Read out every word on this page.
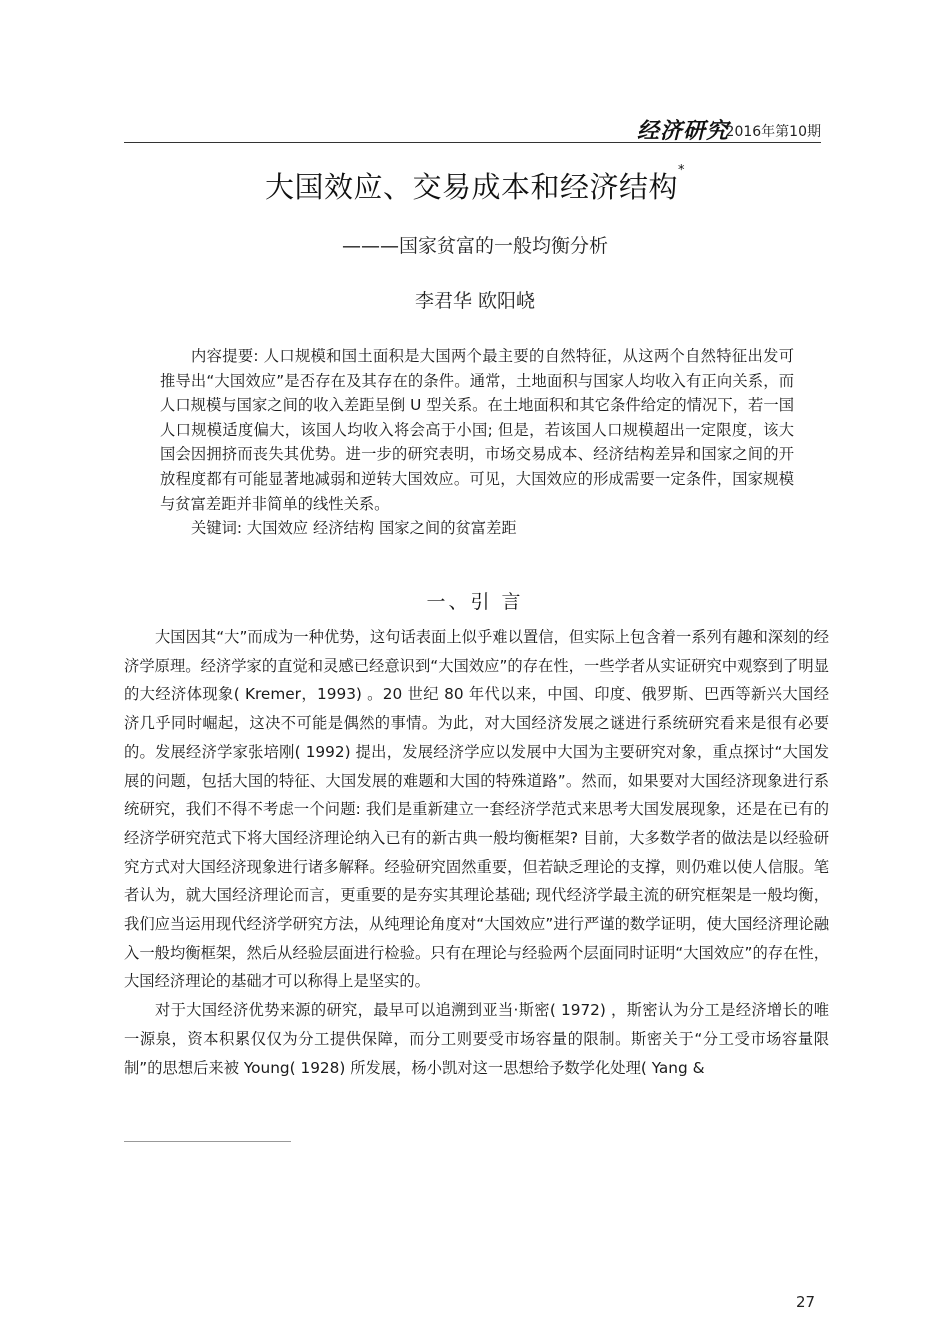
经济研究
2016年第10期
大国效应、交易成本和经济结构*
———国家贫富的一般均衡分析
李君华 欧阳峣

内容提要: 人口规模和国土面积是大国两个最主要的自然特征，从这两个自然特征出发可推导出“大国效应”是否存在及其存在的条件。通常，土地面积与国家人均收入有正向关系，而人口规模与国家之间的收入差距呈倒 U 型关系。在土地面积和其它条件给定的情况下，若一国人口规模适度偏大，该国人均收入将会高于小国; 但是，若该国人口规模超出一定限度，该大国会因拥挤而丧失其优势。进一步的研究表明，市场交易成本、经济结构差异和国家之间的开放程度都有可能显著地减弱和逆转大国效应。可见，大国效应的形成需要一定条件，国家规模与贫富差距并非简单的线性关系。

关键词: 大国效应 经济结构 国家之间的贫富差距

一、引 言

大国因其“大”而成为一种优势，这句话表面上似乎难以置信，但实际上包含着一系列有趣和深刻的经济学原理。经济学家的直觉和灵感已经意识到“大国效应”的存在性，一些学者从实证研究中观察到了明显的大经济体现象( Kremer，1993) 。20 世纪 80 年代以来，中国、印度、俄罗斯、巴西等新兴大国经济几乎同时崛起，这决不可能是偶然的事情。为此，对大国经济发展之谜进行系统研究看来是很有必要的。发展经济学家张培刚( 1992) 提出，发展经济学应以发展中大国为主要研究对象，重点探讨“大国发展的问题，包括大国的特征、大国发展的难题和大国的特殊道路”。然而，如果要对大国经济现象进行系统研究，我们不得不考虑一个问题: 我们是重新建立一套经济学范式来思考大国发展现象，还是在已有的经济学研究范式下将大国经济理论纳入已有的新古典一般均衡框架? 目前，大多数学者的做法是以经验研究方式对大国经济现象进行诸多解释。经验研究固然重要，但若缺乏理论的支撑，则仍难以使人信服。笔者认为，就大国经济理论而言，更重要的是夯实其理论基础; 现代经济学最主流的研究框架是一般均衡，我们应当运用现代经济学研究方法，从纯理论角度对“大国效应”进行严谨的数学证明，使大国经济理论融入一般均衡框架，然后从经验层面进行检验。只有在理论与经验两个层面同时证明“大国效应”的存在性，大国经济理论的基础才可以称得上是坚实的。

对于大国经济优势来源的研究，最早可以追溯到亚当·斯密( 1972) ，斯密认为分工是经济增长的唯一源泉，资本积累仅仅为分工提供保障，而分工则要受市场容量的限制。斯密关于“分工受市场容量限制”的思想后来被 Young( 1928) 所发展，杨小凯对这一思想给予数学化处理( Yang &

27
